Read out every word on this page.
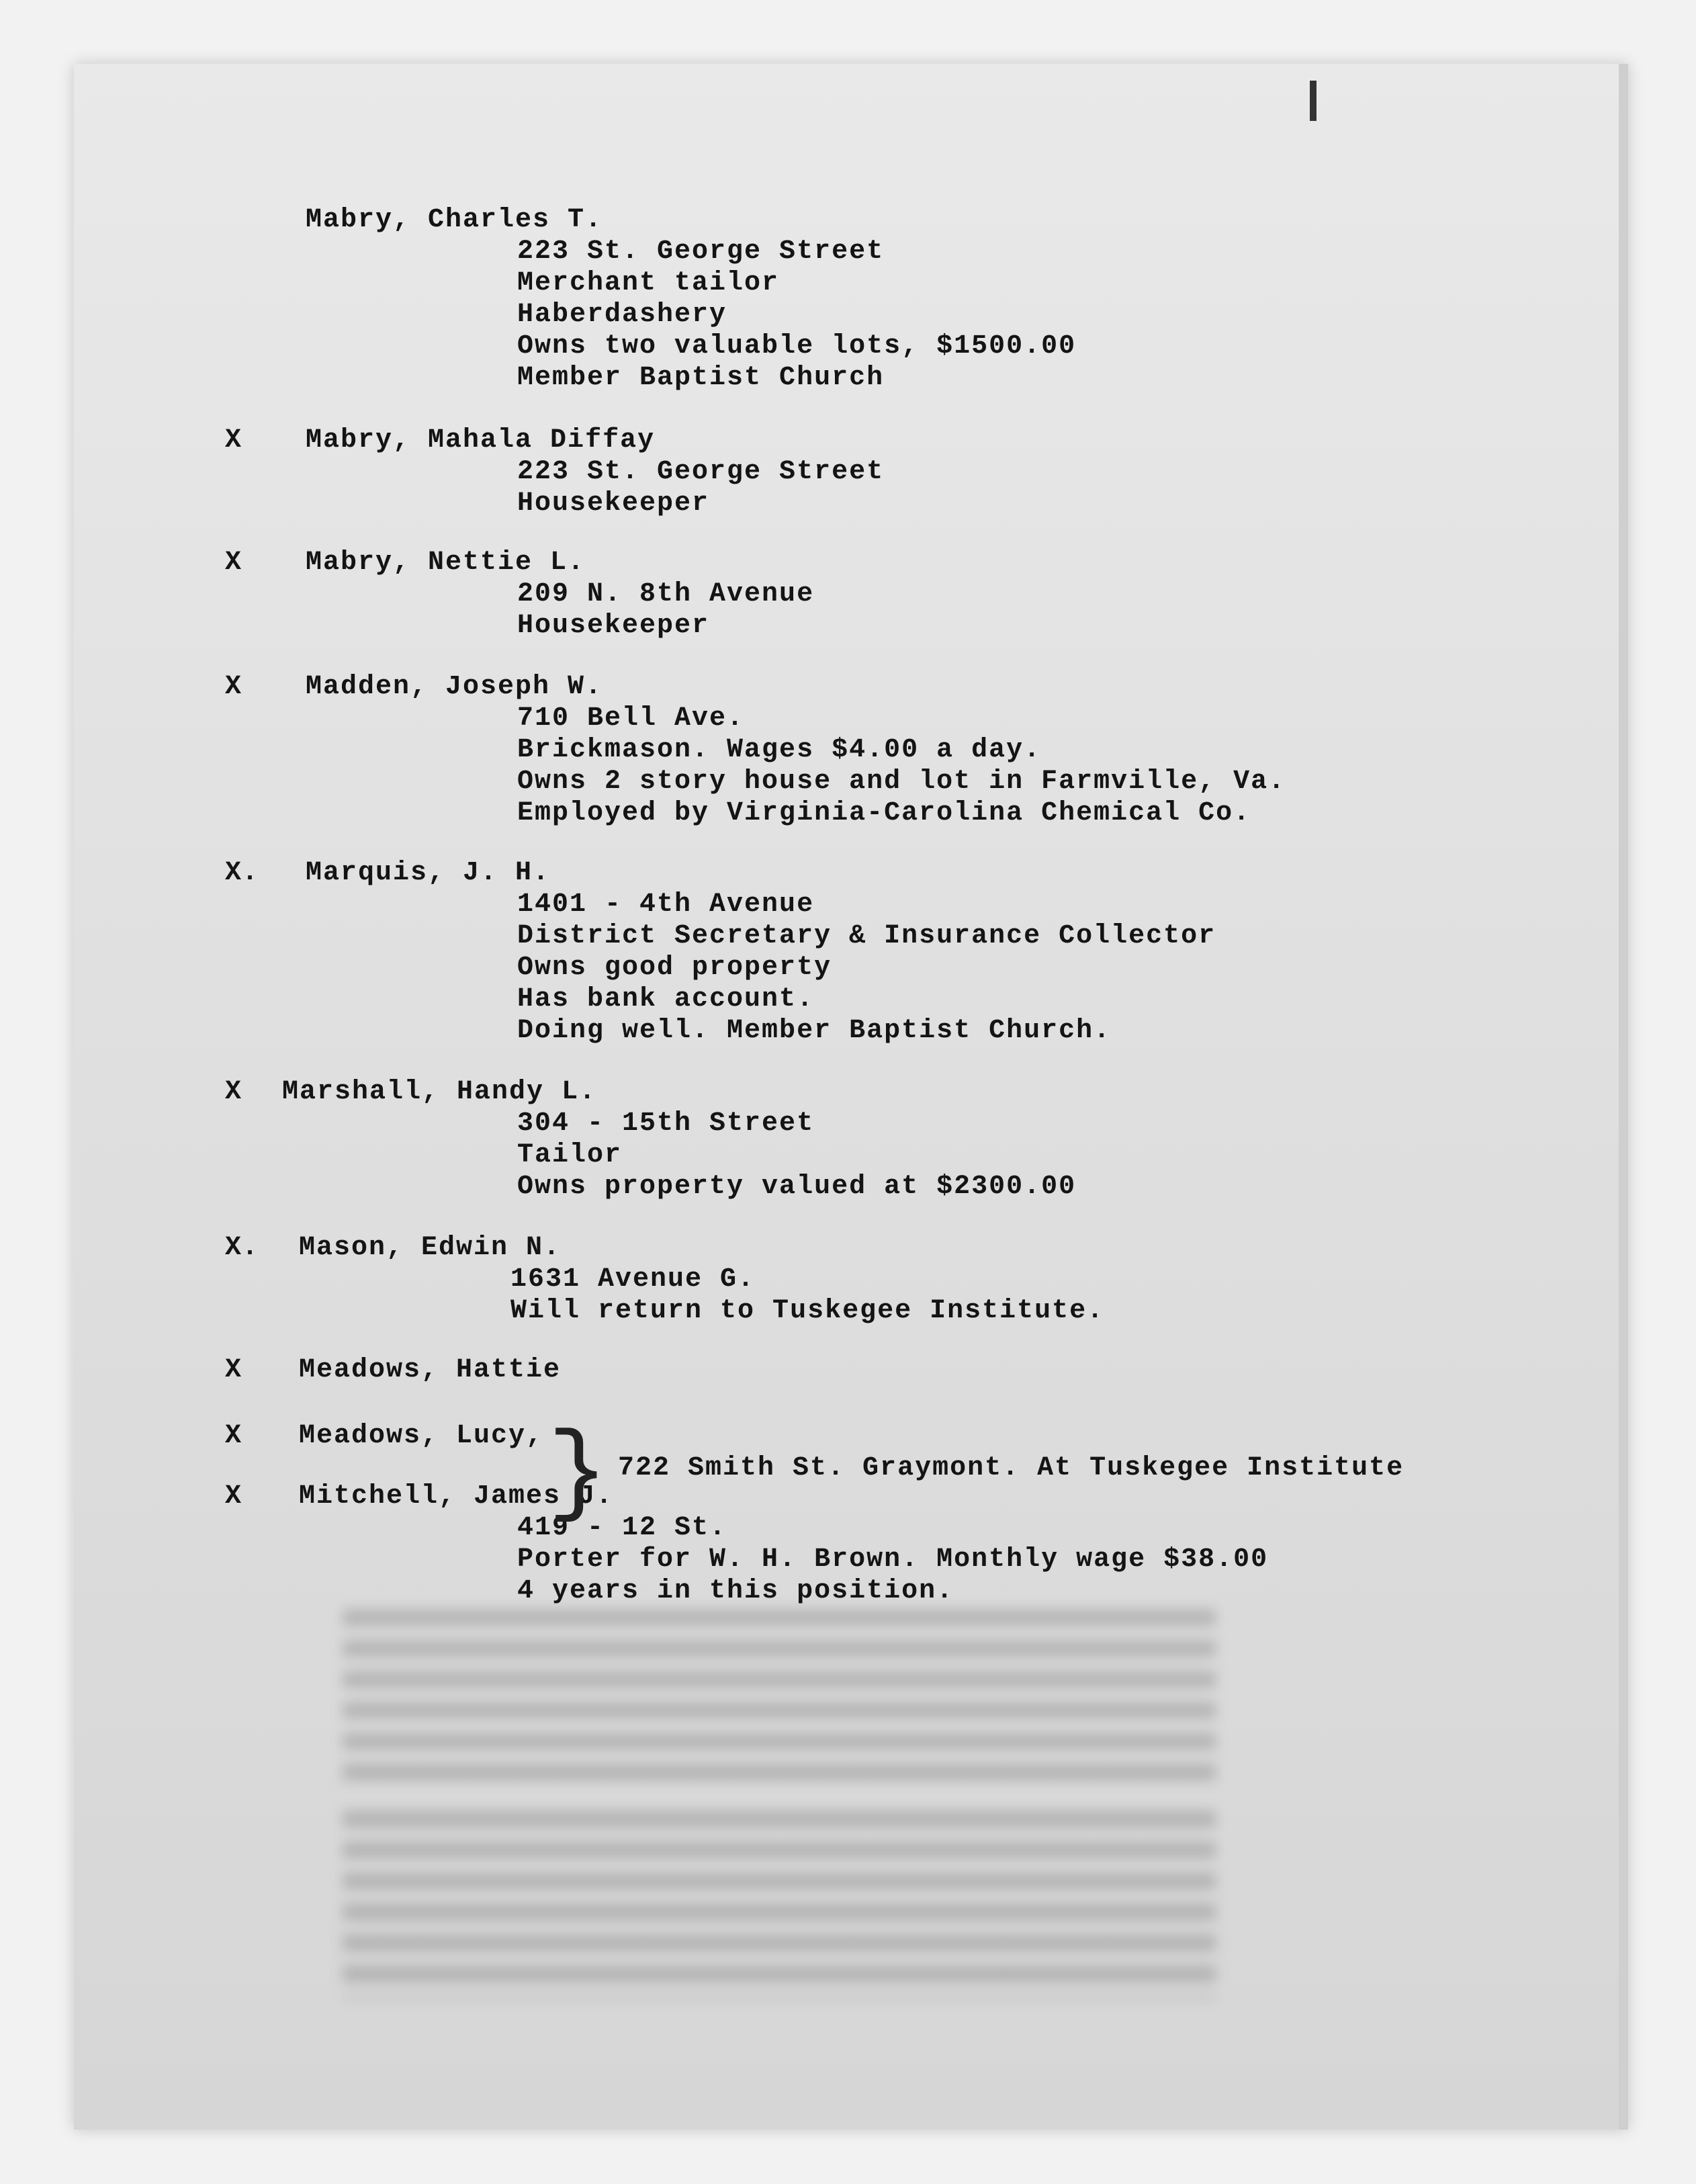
Mabry, Charles T.
223 St. George Street
Merchant tailor
Haberdashery
Owns two valuable lots, $1500.00
Member Baptist Church
X Mabry, Mahala Diffay
223 St. George Street
Housekeeper
X Mabry, Nettie L.
209 N. 8th Avenue
Housekeeper
X Madden, Joseph W.
710 Bell Ave.
Brickmason. Wages $4.00 a day.
Owns 2 story house and lot in Farmville, Va.
Employed by Virginia-Carolina Chemical Co.
X. Marquis, J. H.
1401 - 4th Avenue
District Secretary & Insurance Collector
Owns good property
Has bank account.
Doing well. Member Baptist Church.
X Marshall, Handy L.
304 - 15th Street
Tailor
Owns property valued at $2300.00
X. Mason, Edwin N.
1631 Avenue G.
Will return to Tuskegee Institute.
X Meadows, Hattie
X Meadows, Lucy,
X Mitchell, James J.
419 - 12 St.
Porter for W. H. Brown. Monthly wage $38.00
4 years in this position.
} 722 Smith St. Graymont. At Tuskegee Institute
